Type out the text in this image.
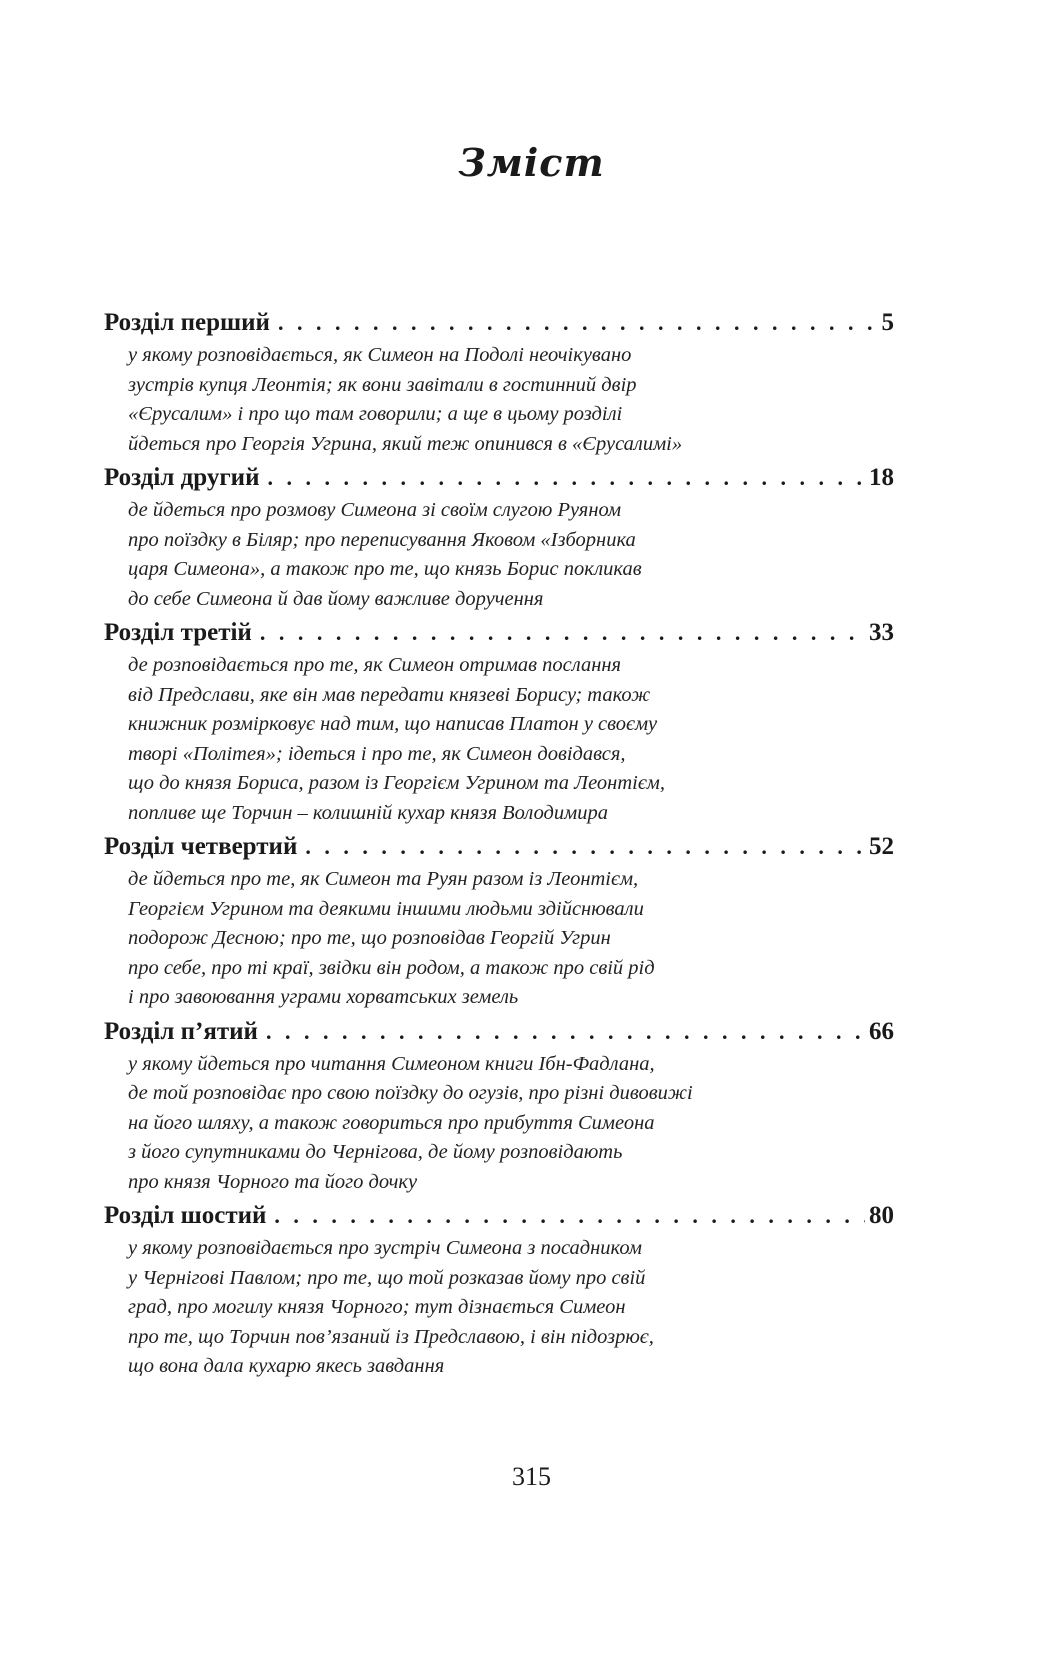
Зміст
Розділ перший . . .	5
у якому розповідається, як Симеон на Подолі неочікувано
зустрів купця Леонтія; як вони завітали в гостинний двір
«Єрусалим» і про що там говорили; а ще в цьому розділі
йдеться про Георгія Угрина, який теж опинився в «Єрусалимі»
Розділ другий . . .	18
де йдеться про розмову Симеона зі своїм слугою Руяном
про поїздку в Біляр; про переписування Яковом «Ізборника
царя Симеона», а також про те, що князь Борис покликав
до себе Симеона й дав йому важливе доручення
Розділ третій . . .	33
де розповідається про те, як Симеон отримав послання
від Предслави, яке він мав передати князеві Борису; також
книжник розмірковує над тим, що написав Платон у своєму
творі «Політея»; ідеться і про те, як Симеон довідався,
що до князя Бориса, разом із Георгієм Угрином та Леонтієм,
попливе ще Торчин – колишній кухар князя Володимира
Розділ четвертий . . .	52
де йдеться про те, як Симеон та Руян разом із Леонтієм,
Георгієм Угрином та деякими іншими людьми здійснювали
подорож Десною; про те, що розповідав Георгій Угрин
про себе, про ті краї, звідки він родом, а також про свій рід
і про завоювання уграми хорватських земель
Розділ п’ятий . . .	66
у якому йдеться про читання Симеоном книги Ібн-Фадлана,
де той розповідає про свою поїздку до огузів, про різні дивовижі
на його шляху, а також говориться про прибуття Симеона
з його супутниками до Чернігова, де йому розповідають
про князя Чорного та його дочку
Розділ шостий . . .	80
у якому розповідається про зустріч Симеона з посадником
у Чернігові Павлом; про те, що той розказав йому про свій
град, про могилу князя Чорного; тут дізнається Симеон
про те, що Торчин пов’язаний із Предславою, і він підозрює,
що вона дала кухарю якесь завдання
315
